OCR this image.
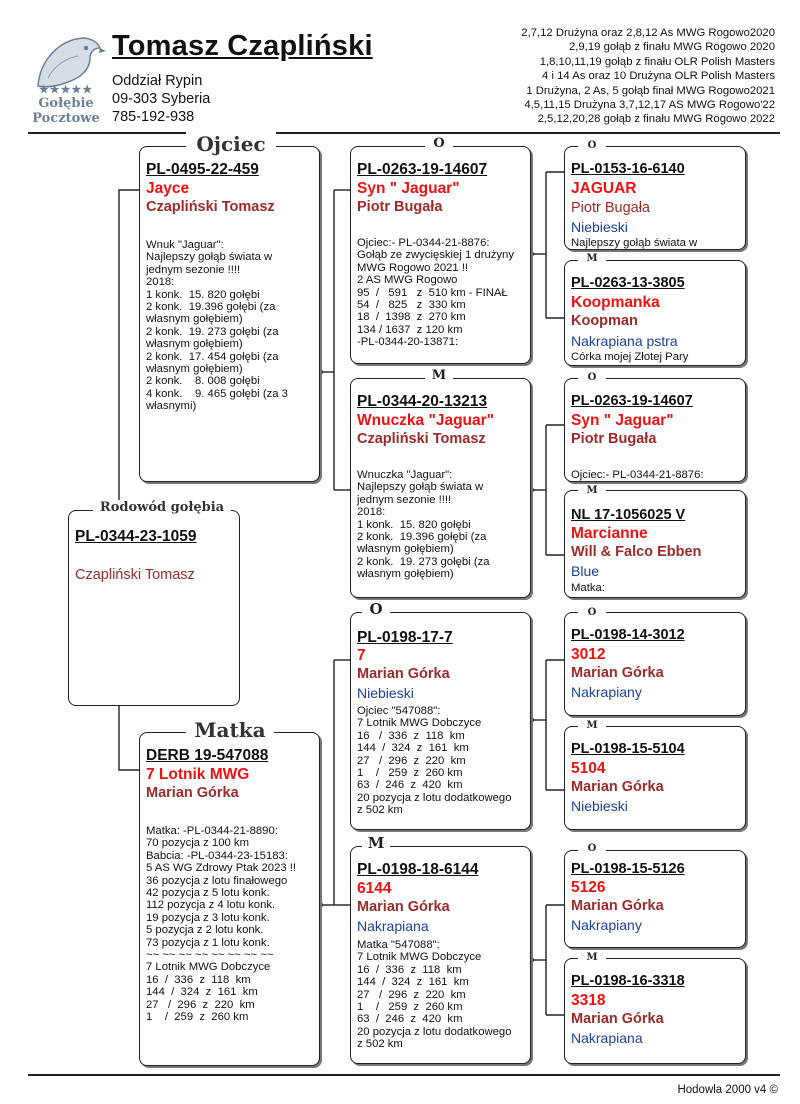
★★★★★
Gołębie
Pocztowe
Tomasz Czapliński
Oddział Rypin
09-303 Syberia
785-192-938
2,7,12 Drużyna oraz 2,8,12 As MWG Rogowo2020
2,9,19 gołąb z finału MWG Rogowo 2020
1,8,10,11,19 gołąb z finału OLR Polish Masters
4 i 14 As oraz 10 Drużyna OLR Polish Masters
1 Drużyna, 2 As, 5 gołąb finał MWG Rogowo2021
4,5,11,15 Drużyna 3,7,12,17 AS MWG Rogowo'22
2,5,12,20,28 gołąb z finału MWG Rogowo 2022
PL-0495-22-459
Jayce
Czapliński Tomasz
Wnuk "Jaguar":
Najlepszy gołąb świata w
jednym sezonie !!!!
2018:
1 konk.  15. 820 gołębi
2 konk.  19.396 gołębi (za
własnym gołębiem)
2 konk.  19. 273 gołębi (za
własnym gołębiem)
2 konk.  17. 454 gołębi (za
własnym gołębiem)
2 konk.    8. 008 gołębi
4 konk.    9. 465 gołębi (za 3
własnymi)
Ojciec
PL-0344-23-1059
Czapliński Tomasz
Rodowód gołębia
DERB 19-547088
7 Lotnik MWG
Marian Górka
Matka: -PL-0344-21-8890:
70 pozycja z 100 km
Babcia: -PL-0344-23-15183:
5 AS WG Zdrowy Ptak 2023 !!
36 pozycja z lotu finałowego
42 pozycja z 5 lotu konk.
112 pozycja z 4 lotu konk.
19 pozycja z 3 lotu konk.
5 pozycja z 2 lotu konk.
73 pozycja z 1 lotu konk.
~~ ~~ ~~ ~~ ~~ ~~ ~~ ~~
7 Lotnik MWG Dobczyce
16  /  336  z  118  km
144  /  324  z  161  km
27   /  296  z  220  km
1    /  259  z  260 km
Matka
PL-0263-19-14607
Syn " Jaguar"
Piotr Bugała
Ojciec:- PL-0344-21-8876:
Gołąb ze zwycięskiej 1 drużyny
MWG Rogowo 2021 !!
2 AS MWG Rogowo
95  /   591   z  510 km - FINAŁ
54  /   825   z  330 km
18  /  1398  z  270 km
134 / 1637  z 120 km
-PL-0344-20-13871:
O
PL-0344-20-13213
Wnuczka "Jaguar"
Czapliński Tomasz
Wnuczka "Jaguar":
Najlepszy gołąb świata w
jednym sezonie !!!!
2018:
1 konk.  15. 820 gołębi
2 konk.  19.396 gołębi (za
własnym gołębiem)
2 konk.  19. 273 gołębi (za
własnym gołębiem)
M
PL-0198-17-7
7
Marian Górka
Niebieski
Ojciec "547088":
7 Lotnik MWG Dobczyce
16   /  336  z  118  km
144  /  324  z  161  km
27   /  296  z  220  km
1    /   259  z  260 km
63  /  246  z  420  km
20 pozycja z lotu dodatkowego
z 502 km
O
PL-0198-18-6144
6144
Marian Górka
Nakrapiana
Matka "547088":
7 Lotnik MWG Dobczyce
16  /  336  z  118  km
144  /  324  z  161  km
27   /  296  z  220  km
1    /   259  z  260 km
63  /  246  z  420  km
20 pozycja z lotu dodatkowego
z 502 km
M
PL-0153-16-6140
JAGUAR
Piotr Bugała
Niebieski
Najlepszy gołąb świata w
O
PL-0263-13-3805
Koopmanka
Koopman
Nakrapiana pstra
Córka mojej Złotej Pary
M
PL-0263-19-14607
Syn " Jaguar"
Piotr Bugała
Ojciec:- PL-0344-21-8876:
O
NL 17-1056025 V
Marcianne
Will & Falco Ebben
Blue
Matka:
M
PL-0198-14-3012
3012
Marian Górka
Nakrapiany
O
PL-0198-15-5104
5104
Marian Górka
Niebieski
M
PL-0198-15-5126
5126
Marian Górka
Nakrapiany
O
PL-0198-16-3318
3318
Marian Górka
Nakrapiana
M
Hodowla 2000 v4 ©
